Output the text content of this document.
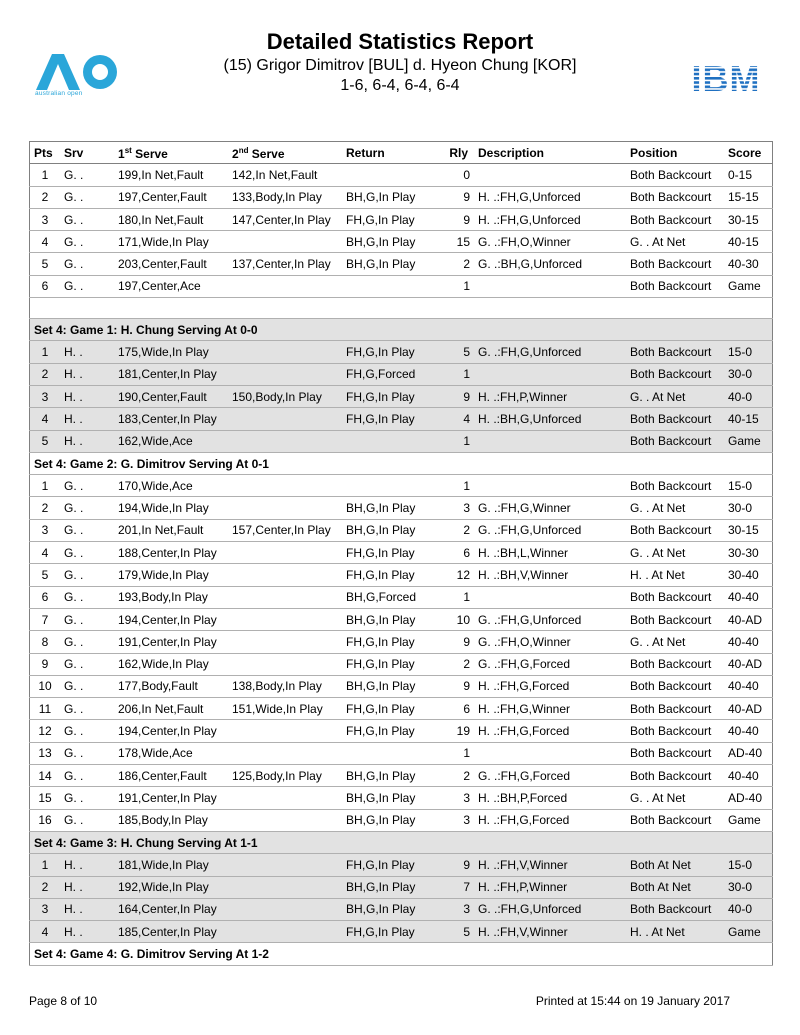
australian open
Detailed Statistics Report
(15) Grigor Dimitrov [BUL] d. Hyeon Chung [KOR]
1-6, 6-4, 6-4, 6-4	IBM
Pts	Srv	1st Serve	2nd Serve	Return	Rly	Description	Position	Score
1	G. .	199,In Net,Fault	142,In Net,Fault		0		Both Backcourt	0-15
2	G. .	197,Center,Fault	133,Body,In Play	BH,G,In Play	9	H. .:FH,G,Unforced	Both Backcourt	15-15
3	G. .	180,In Net,Fault	147,Center,In Play	FH,G,In Play	9	H. .:FH,G,Unforced	Both Backcourt	30-15
4	G. .	171,Wide,In Play		BH,G,In Play	15	G. .:FH,O,Winner	G. . At Net	40-15
5	G. .	203,Center,Fault	137,Center,In Play	BH,G,In Play	2	G. .:BH,G,Unforced	Both Backcourt	40-30
6	G. .	197,Center,Ace			1		Both Backcourt	Game

Set 4: Game 1: H. Chung Serving At 0-0								
1	H. .	175,Wide,In Play		FH,G,In Play	5	G. .:FH,G,Unforced	Both Backcourt	15-0
2	H. .	181,Center,In Play		FH,G,Forced	1		Both Backcourt	30-0
3	H. .	190,Center,Fault	150,Body,In Play	FH,G,In Play	9	H. .:FH,P,Winner	G. . At Net	40-0
4	H. .	183,Center,In Play		FH,G,In Play	4	H. .:BH,G,Unforced	Both Backcourt	40-15
5	H. .	162,Wide,Ace			1		Both Backcourt	Game
Set 4: Game 2: G. Dimitrov Serving At 0-1								
1	G. .	170,Wide,Ace			1		Both Backcourt	15-0
2	G. .	194,Wide,In Play		BH,G,In Play	3	G. .:FH,G,Winner	G. . At Net	30-0
3	G. .	201,In Net,Fault	157,Center,In Play	BH,G,In Play	2	G. .:FH,G,Unforced	Both Backcourt	30-15
4	G. .	188,Center,In Play		FH,G,In Play	6	H. .:BH,L,Winner	G. . At Net	30-30
5	G. .	179,Wide,In Play		FH,G,In Play	12	H. .:BH,V,Winner	H. . At Net	30-40
6	G. .	193,Body,In Play		BH,G,Forced	1		Both Backcourt	40-40
7	G. .	194,Center,In Play		BH,G,In Play	10	G. .:FH,G,Unforced	Both Backcourt	40-AD
8	G. .	191,Center,In Play		FH,G,In Play	9	G. .:FH,O,Winner	G. . At Net	40-40
9	G. .	162,Wide,In Play		FH,G,In Play	2	G. .:FH,G,Forced	Both Backcourt	40-AD
10	G. .	177,Body,Fault	138,Body,In Play	BH,G,In Play	9	H. .:FH,G,Forced	Both Backcourt	40-40
11	G. .	206,In Net,Fault	151,Wide,In Play	FH,G,In Play	6	H. .:FH,G,Winner	Both Backcourt	40-AD
12	G. .	194,Center,In Play		FH,G,In Play	19	H. .:FH,G,Forced	Both Backcourt	40-40
13	G. .	178,Wide,Ace			1		Both Backcourt	AD-40
14	G. .	186,Center,Fault	125,Body,In Play	BH,G,In Play	2	G. .:FH,G,Forced	Both Backcourt	40-40
15	G. .	191,Center,In Play		BH,G,In Play	3	H. .:BH,P,Forced	G. . At Net	AD-40
16	G. .	185,Body,In Play		BH,G,In Play	3	H. .:FH,G,Forced	Both Backcourt	Game
Set 4: Game 3: H. Chung Serving At 1-1								
1	H. .	181,Wide,In Play		FH,G,In Play	9	H. .:FH,V,Winner	Both At Net	15-0
2	H. .	192,Wide,In Play		BH,G,In Play	7	H. .:FH,P,Winner	Both At Net	30-0
3	H. .	164,Center,In Play		BH,G,In Play	3	G. .:FH,G,Unforced	Both Backcourt	40-0
4	H. .	185,Center,In Play		FH,G,In Play	5	H. .:FH,V,Winner	H. . At Net	Game
Set 4: Game 4: G. Dimitrov Serving At 1-2								
Page 8 of 10	Printed at 15:44 on 19 January 2017
